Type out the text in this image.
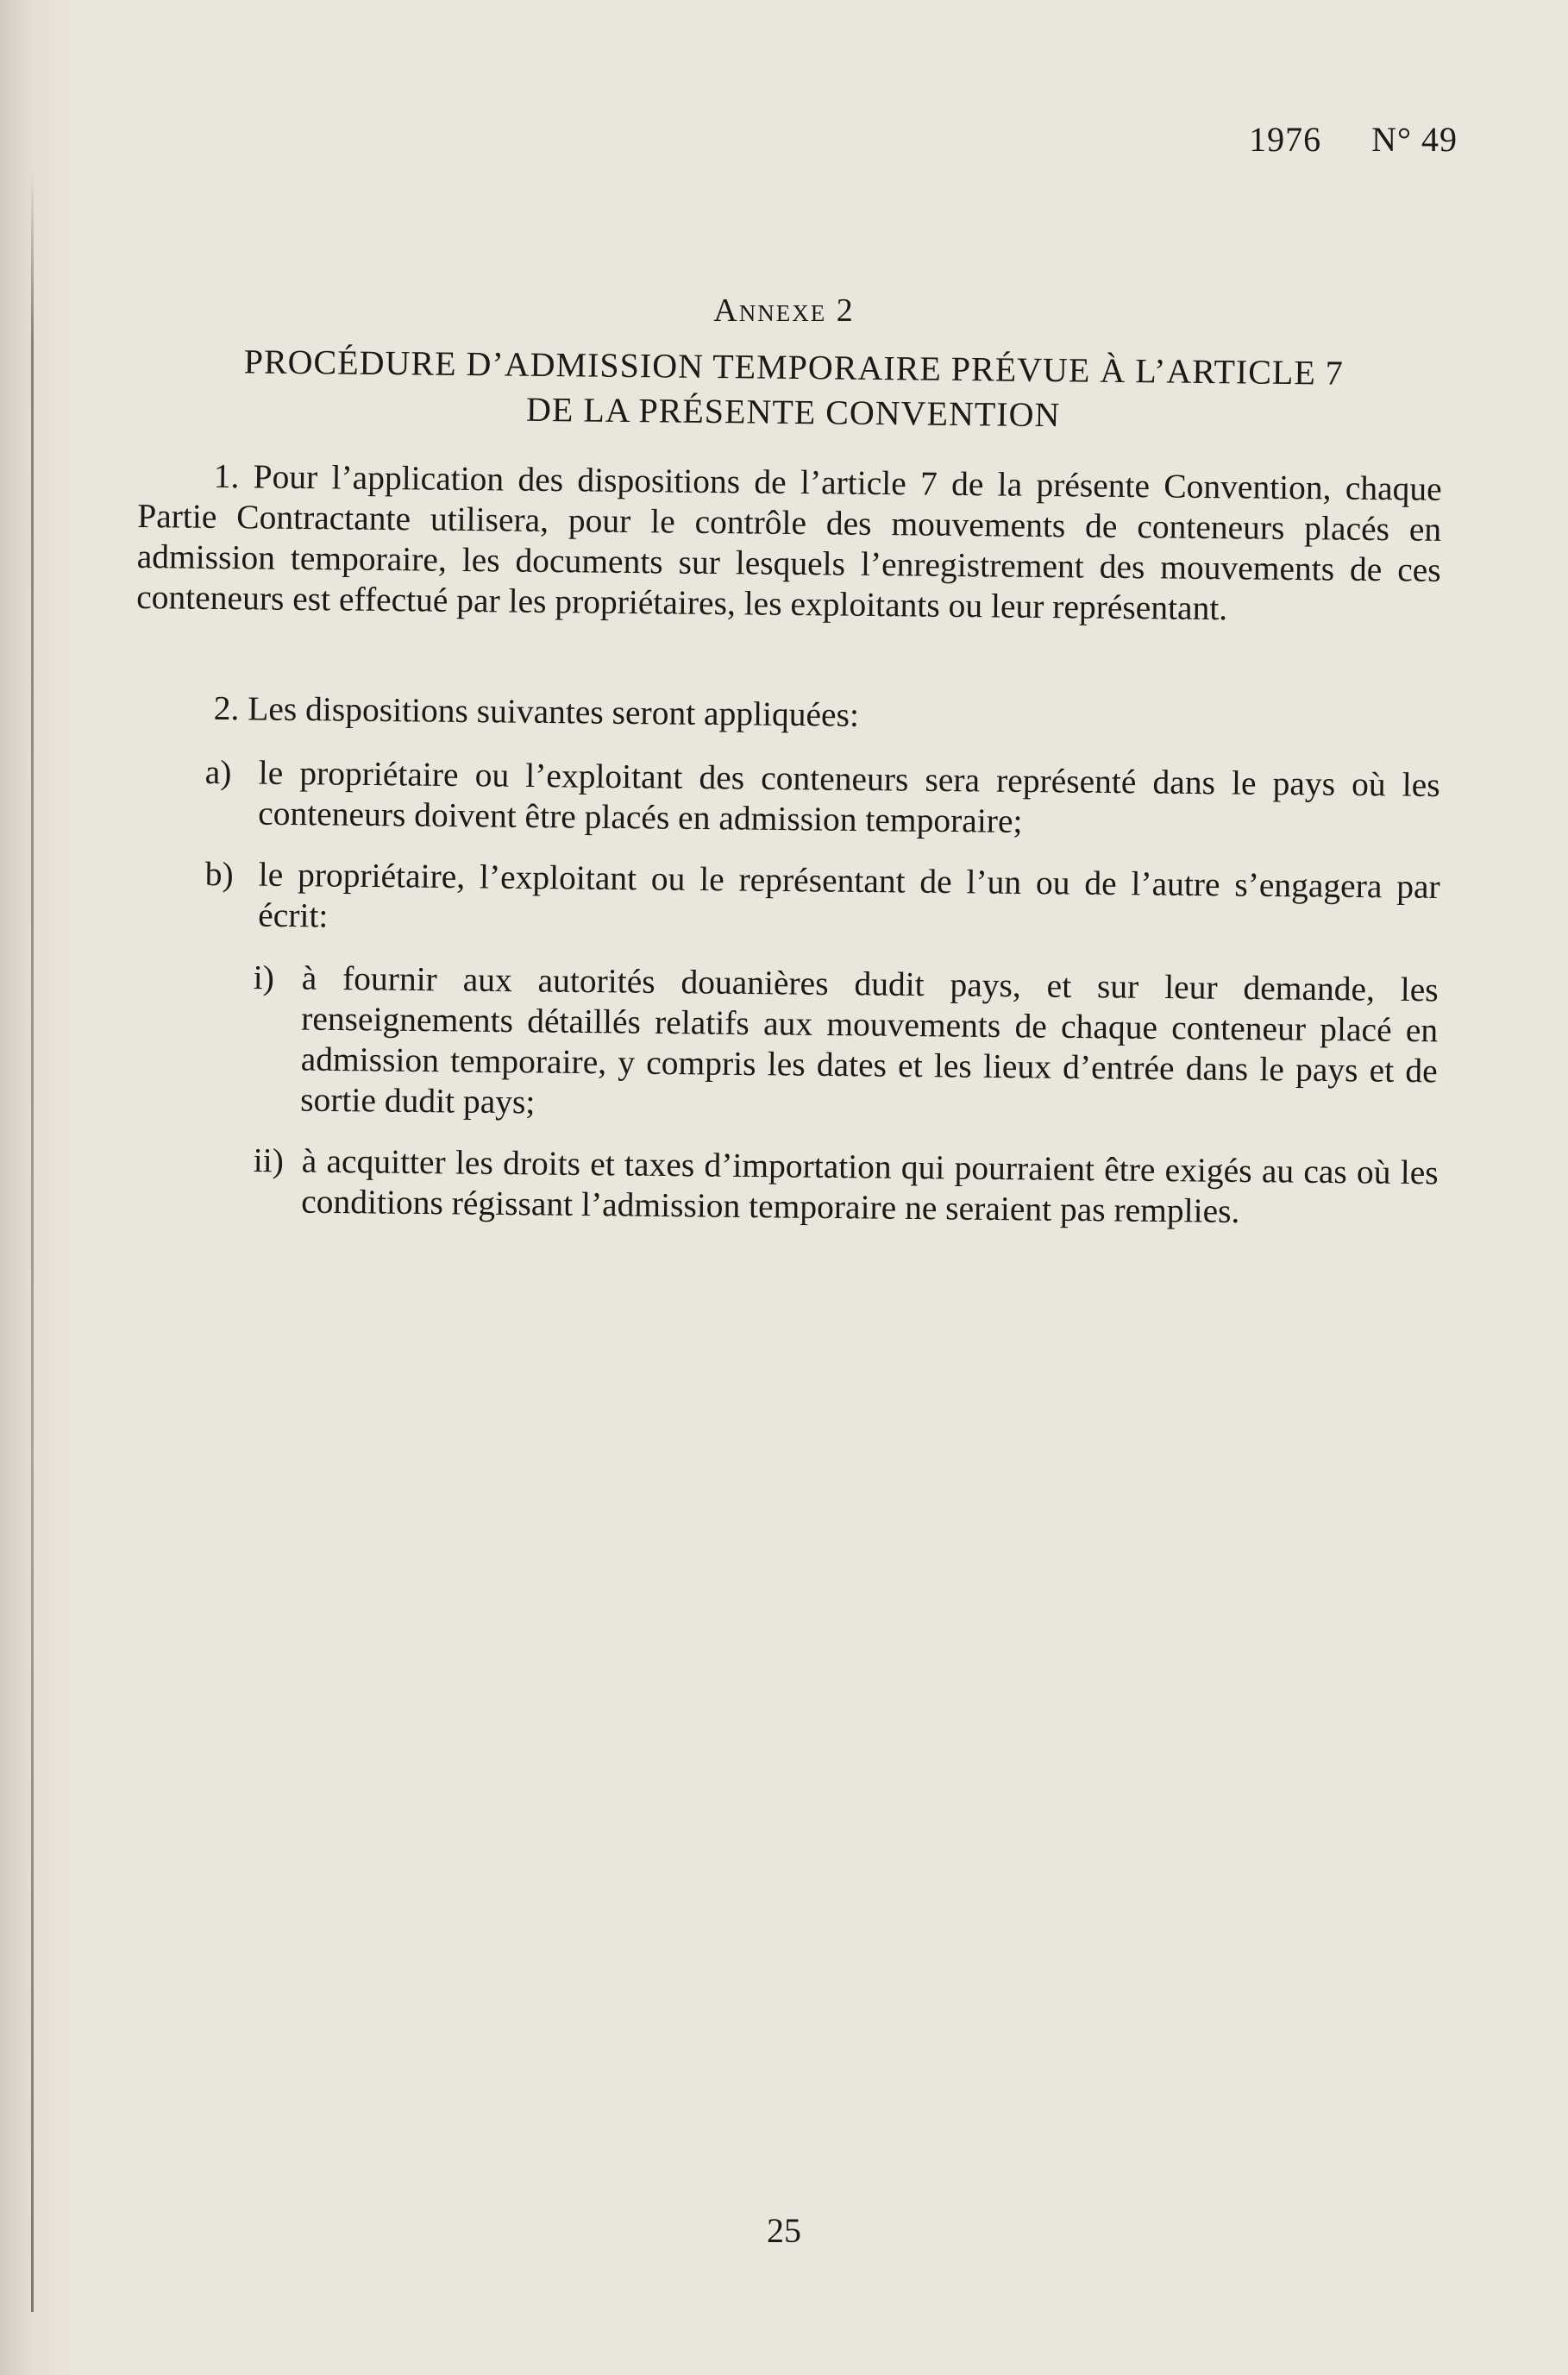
1976 N° 49
Annexe 2
PROCÉDURE D’ADMISSION TEMPORAIRE PRÉVUE À L’ARTICLE 7
DE LA PRÉSENTE CONVENTION
1. Pour l’application des dispositions de l’article 7 de la présente Convention, chaque Partie Contractante utilisera, pour le contrôle des mouvements de conteneurs placés en admission temporaire, les documents sur lesquels l’enregistrement des mouvements de ces conteneurs est effectué par les propriétaires, les exploitants ou leur représentant.
2. Les dispositions suivantes seront appliquées:
a) le propriétaire ou l’exploitant des conteneurs sera représenté dans le pays où les conteneurs doivent être placés en admission temporaire;
b) le propriétaire, l’exploitant ou le représentant de l’un ou de l’autre s’engagera par écrit:
i) à fournir aux autorités douanières dudit pays, et sur leur demande, les renseignements détaillés relatifs aux mouvements de chaque conteneur placé en admission temporaire, y compris les dates et les lieux d’entrée dans le pays et de sortie dudit pays;
ii) à acquitter les droits et taxes d’importation qui pourraient être exigés au cas où les conditions régissant l’admission temporaire ne seraient pas remplies.
25
